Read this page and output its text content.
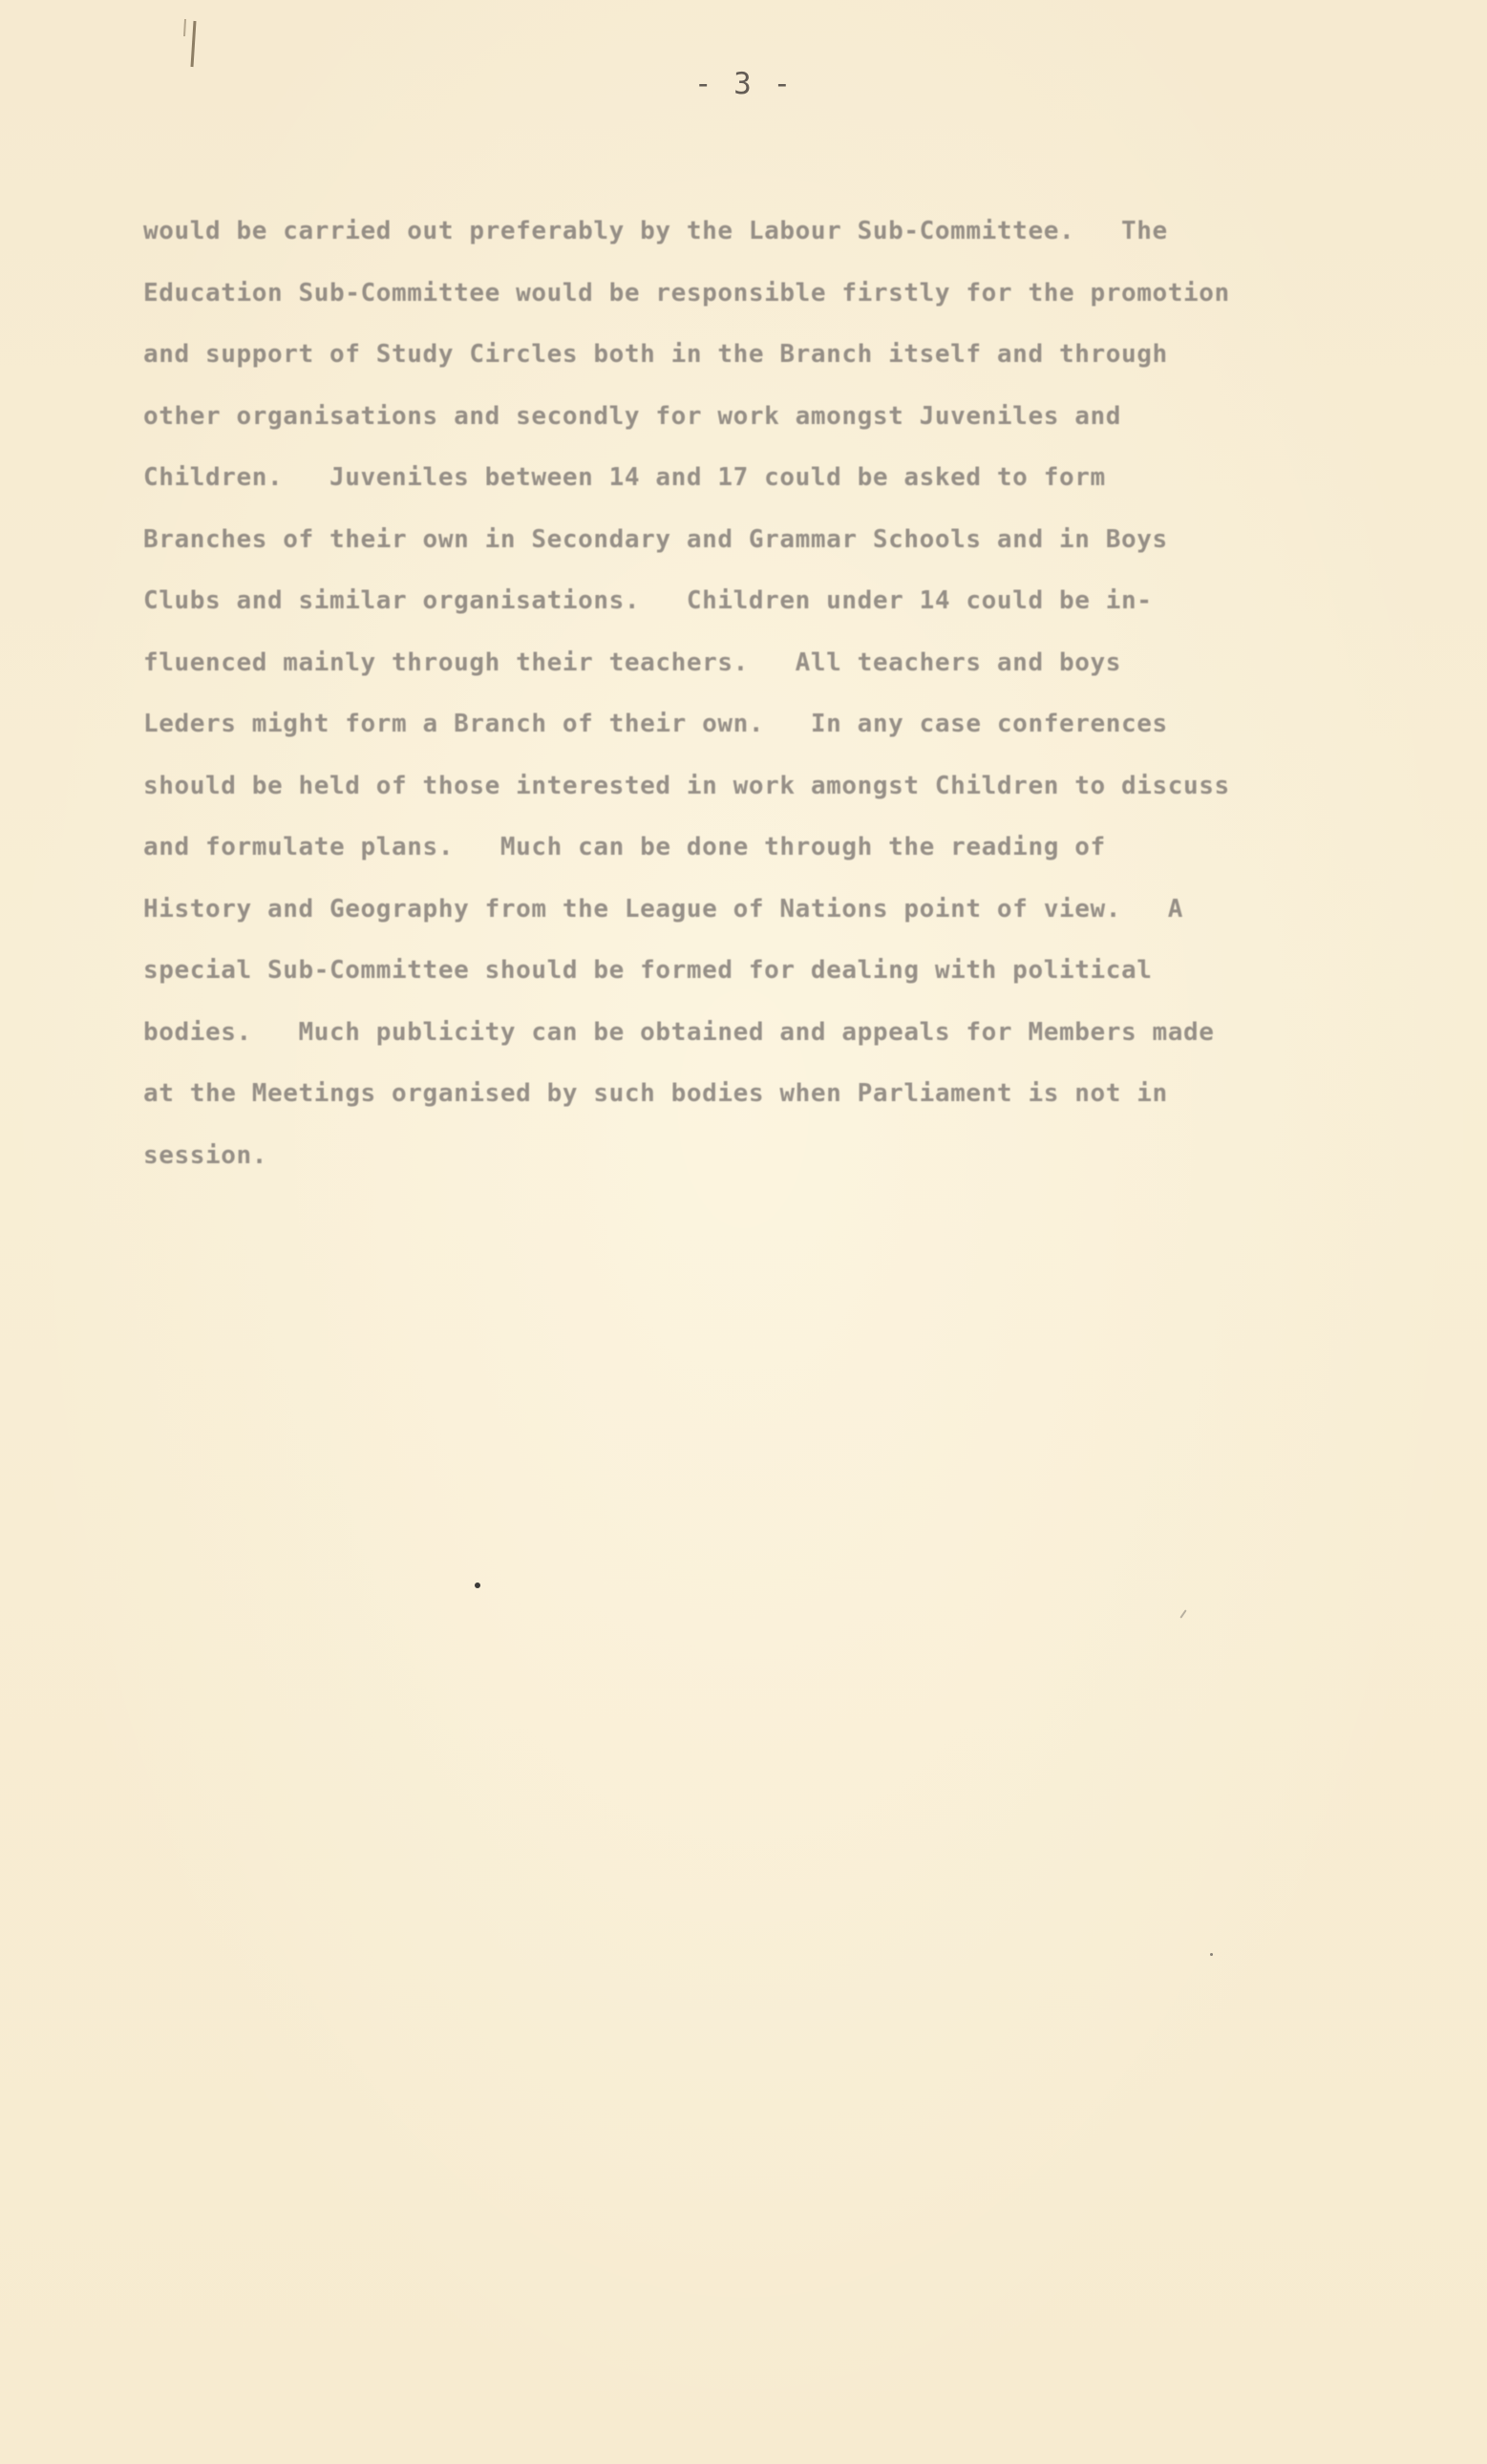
- 3 -
would be carried out preferably by the Labour Sub-Committee.   The
Education Sub-Committee would be responsible firstly for the promotion
and support of Study Circles both in the Branch itself and through
other organisations and secondly for work amongst Juveniles and
Children.   Juveniles between 14 and 17 could be asked to form
Branches of their own in Secondary and Grammar Schools and in Boys
Clubs and similar organisations.   Children under 14 could be in-
fluenced mainly through their teachers.   All teachers and boys
Leders might form a Branch of their own.   In any case conferences
should be held of those interested in work amongst Children to discuss
and formulate plans.   Much can be done through the reading of
History and Geography from the League of Nations point of view.   A
special Sub-Committee should be formed for dealing with political
bodies.   Much publicity can be obtained and appeals for Members made
at the Meetings organised by such bodies when Parliament is not in
session.
